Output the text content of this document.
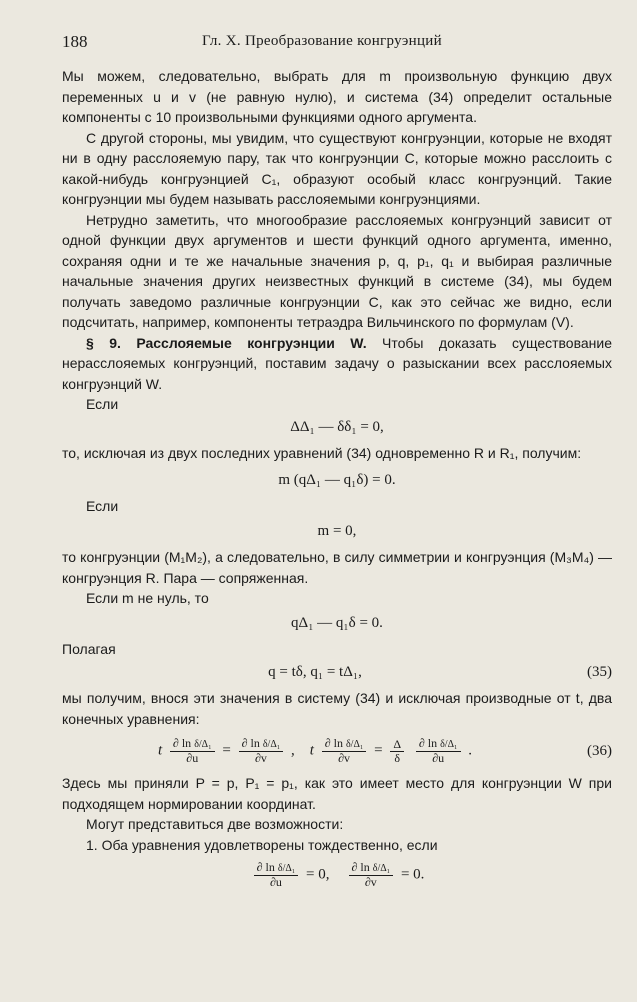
188	Гл. X. Преобразование конгруэнций

Мы можем, следовательно, выбрать для m произвольную функцию двух переменных u и v (не равную нулю), и система (34) определит остальные компоненты с 10 произвольными функциями одного аргумента.

С другой стороны, мы увидим, что существуют конгруэнции, которые не входят ни в одну расслояемую пару, так что конгруэнции C, которые можно расслоить с какой-нибудь конгруэнцией C₁, образуют особый класс конгруэнций. Такие конгруэнции мы будем называть расслояемыми конгруэнциями.

Нетрудно заметить, что многообразие расслояемых конгруэнций зависит от одной функции двух аргументов и шести функций одного аргумента, именно, сохраняя одни и те же начальные значения p, q, p₁, q₁ и выбирая различные начальные значения других неизвестных функций в системе (34), мы будем получать заведомо различные конгруэнции C, как это сейчас же видно, если подсчитать, например, компоненты тетраэдра Вильчинского по формулам (V).

§ 9. Расслояемые конгруэнции W. Чтобы доказать существование нерасслояемых конгруэнций, поставим задачу о разыскании всех расслояемых конгруэнций W.

Если

ΔΔ₁ — δδ₁ = 0,

то, исключая из двух последних уравнений (34) одновременно R и R₁, получим:

m (qΔ₁ — q₁δ) = 0.

Если

m = 0,

то конгруэнции (M₁M₂), а следовательно, в силу симметрии и конгруэнция (M₃M₄) — конгруэнция R. Пара — сопряженная.

Если m не нуль, то

qΔ₁ — q₁δ = 0.

Полагая

q = tδ, q₁ = tΔ₁,	(35)

мы получим, внося эти значения в систему (34) и исключая производные от t, два конечных уравнения:

t $\frac{\text{∂ ln δ/Δ₁}}{\partial u} = \frac{\text{∂ ln δ/Δ₁}}{\partial v}$ , t $\frac{\text{∂ ln δ/Δ₁}}{\partial v} = \frac{\Delta}{\delta}$
$\frac{\text{∂ ln δ/Δ₁}}{\partial u}$ .	(36)

Здесь мы приняли P = p, P₁ = p₁, как это имеет место для конгруэнции W при подходящем нормировании координат.

Могут представиться две возможности:

1. Оба уравнения удовлетворены тождественно, если

$\frac{\text{∂ ln δ/Δ₁}}{\partial u} = 0$, $\frac{\text{∂ ln δ/Δ₁}}{\partial v} = 0$.
